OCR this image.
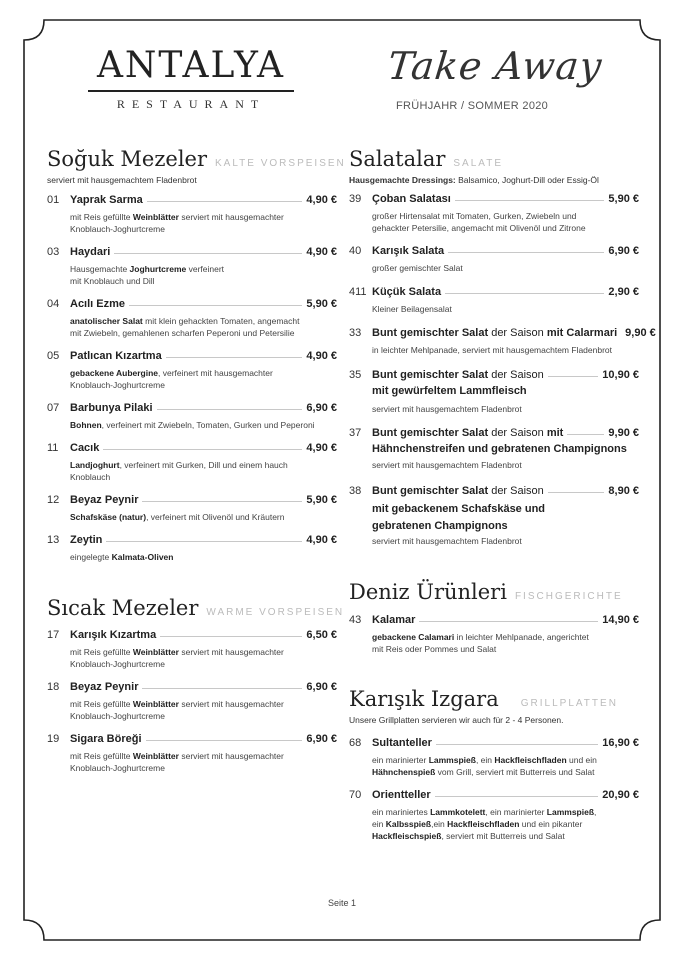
ANTALYA
RESTAURANT
Take Away
FRÜHJAHR / SOMMER 2020
Soğuk Mezeler KALTE VORSPEISEN
serviert mit hausgemachtem Fladenbrot
01 Yaprak Sarma	4,90 €
mit Reis gefüllte Weinblätter serviert mit hausgemachter
Knoblauch-Joghurtcreme
03 Haydari	4,90 €
Hausgemachte Joghurtcreme verfeinert
mit Knoblauch und Dill
04 Acılı Ezme	5,90 €
anatolischer Salat mit klein gehackten Tomaten, angemacht
mit Zwiebeln, gemahlenen scharfen Peperoni und Petersilie
05 Patlıcan Kızartma	4,90 €
gebackene Aubergine, verfeinert mit hausgemachter
Knoblauch-Joghurtcreme
07 Barbunya Pilaki	6,90 €
Bohnen, verfeinert mit Zwiebeln, Tomaten, Gurken und Peperoni
11 Cacık	4,90 €
Landjoghurt, verfeinert mit Gurken, Dill und einem hauch
Knoblauch
12 Beyaz Peynir	5,90 €
Schafskäse (natur), verfeinert mit Olivenöl und Kräutern
13 Zeytin	4,90 €
eingelegte Kalmata-Oliven
Sıcak Mezeler WARME VORSPEISEN
17 Karışık Kızartma	6,50 €
mit Reis gefüllte Weinblätter serviert mit hausgemachter
Knoblauch-Joghurtcreme
18 Beyaz Peynir	6,90 €
mit Reis gefüllte Weinblätter serviert mit hausgemachter
Knoblauch-Joghurtcreme
19 Sigara Böreği	6,90 €
mit Reis gefüllte Weinblätter serviert mit hausgemachter
Knoblauch-Joghurtcreme
Salatalar SALATE
Hausgemachte Dressings: Balsamico, Joghurt-Dill oder Essig-Öl
39 Çoban Salatası	5,90 €
großer Hirtensalat mit Tomaten, Gurken, Zwiebeln und
gehackter Petersilie, angemacht mit Olivenöl und Zitrone
40 Karışık Salata	6,90 €
großer gemischter Salat
411 Küçük Salata	2,90 €
Kleiner Beilagensalat
33 Bunt gemischter Salat der Saison mit Calarmari 9,90 €
in leichter Mehlpanade, serviert mit hausgemachtem Fladenbrot
35 Bunt gemischter Salat der Saison	10,90 €
mit gewürfeltem Lammfleisch
serviert mit hausgemachtem Fladenbrot
37 Bunt gemischter Salat der Saison mit	9,90 €
Hähnchenstreifen und gebratenen Champignons
serviert mit hausgemachtem Fladenbrot
38 Bunt gemischter Salat der Saison	8,90 €
mit gebackenem Schafskäse und
gebratenen Champignons
serviert mit hausgemachtem Fladenbrot
Deniz Ürünleri FISCHGERICHTE
43 Kalamar	14,90 €
gebackene Calamari in leichter Mehlpanade, angerichtet
mit Reis oder Pommes und Salat
Karışık Izgara GRILLPLATTEN
Unsere Grillplatten servieren wir auch für 2 - 4 Personen.
68 Sultanteller	16,90 €
ein marinierter Lammspieß, ein Hackfleischfladen und ein
Hähnchenspieß vom Grill, serviert mit Butterreis und Salat
70 Orientteller	20,90 €
ein mariniertes Lammkotelett, ein marinierter Lammspieß,
ein Kalbsspieß,ein Hackfleischfladen und ein pikanter
Hackfleischspieß, serviert mit Butterreis und Salat
Seite 1
